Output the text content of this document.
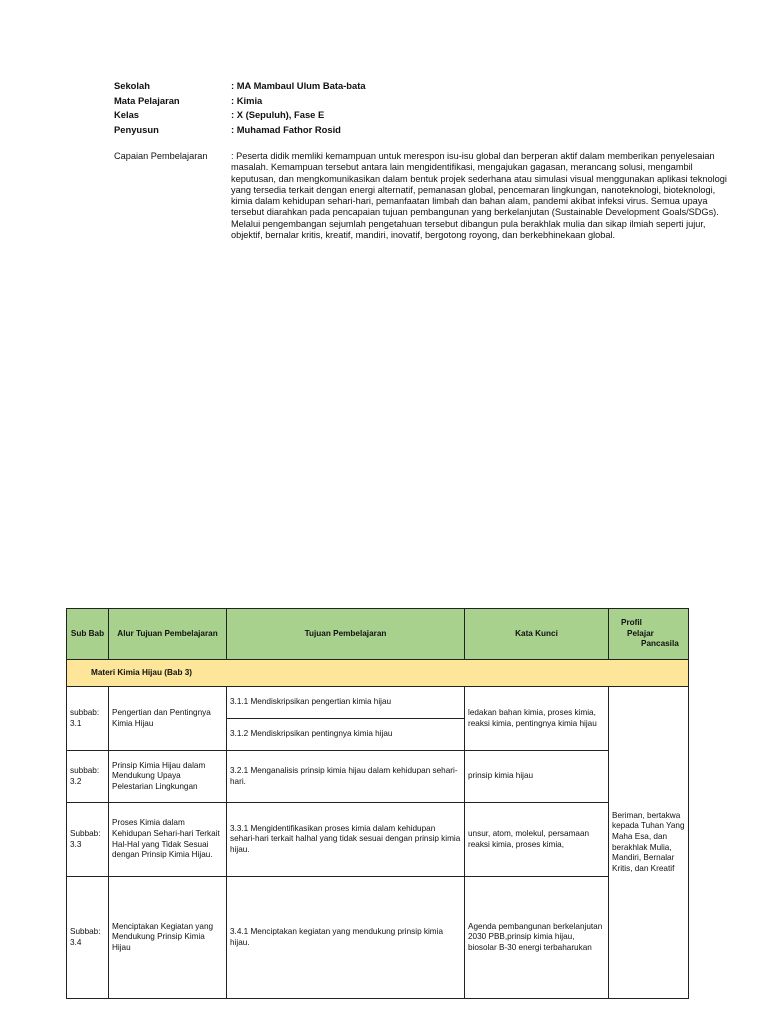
Sekolah	: MA Mambaul Ulum Bata-bata
Mata Pelajaran	: Kimia
Kelas	: X (Sepuluh), Fase E
Penyusun	: Muhamad Fathor Rosid
Capaian Pembelajaran	: Peserta didik memliki kemampuan untuk merespon isu-isu global dan berperan aktif dalam memberikan penyelesaian masalah. Kemampuan tersebut antara lain mengidentifikasi, mengajukan gagasan, merancang solusi, mengambil keputusan, dan mengkomunikasikan dalam bentuk projek sederhana atau simulasi visual menggunakan aplikasi teknologi yang tersedia terkait dengan energi alternatif, pemanasan global, pencemaran lingkungan, nanoteknologi, bioteknologi, kimia dalam kehidupan sehari-hari, pemanfaatan limbah dan bahan alam, pandemi akibat infeksi virus. Semua upaya tersebut diarahkan pada pencapaian tujuan pembangunan yang berkelanjutan (Sustainable Development Goals/SDGs). Melalui pengembangan sejumlah pengetahuan tersebut dibangun pula berakhlak mulia dan sikap ilmiah seperti jujur, objektif, bernalar kritis, kreatif, mandiri, inovatif, bergotong royong, dan berkebhinekaan global.
Sub Bab	Alur Tujuan Pembelajaran	Tujuan Pembelajaran	Kata Kunci	Profil
Pelajar
Pancasila

Materi Kimia Hijau (Bab 3)				
subbab:
3.1	Pengertian dan Pentingnya Kimia Hijau	3.1.1 Mendiskripsikan pengertian kimia hijau	ledakan bahan kimia, proses kimia, reaksi kimia, pentingnya kimia hijau	Beriman, bertakwa kepada Tuhan Yang Maha Esa, dan berakhlak Mulia, Mandiri, Bernalar Kritis, dan Kreatif
		3.1.2 Mendiskripsikan pentingnya kimia hijau		
subbab:
3.2	Prinsip Kimia Hijau dalam Mendukung Upaya Pelestarian Lingkungan	3.2.1 Menganalisis prinsip kimia hijau dalam kehidupan sehari-hari.	prinsip kimia hijau	
Subbab:
3.3	Proses Kimia dalam Kehidupan Sehari-hari Terkait Hal-Hal yang Tidak Sesuai dengan Prinsip Kimia Hijau.	3.3.1 Mengidentifikasikan proses kimia dalam kehidupan sehari-hari terkait halhal yang tidak sesuai dengan prinsip kimia hijau.	unsur, atom, molekul, persamaan reaksi kimia, proses kimia,	
Subbab:
3.4	Menciptakan Kegiatan yang Mendukung Prinsip Kimia Hijau	3.4.1 Menciptakan kegiatan yang mendukung prinsip kimia hijau.	Agenda pembangunan berkelanjutan 2030 PBB,prinsip kimia hijau, biosolar B-30 energi terbaharukan	
